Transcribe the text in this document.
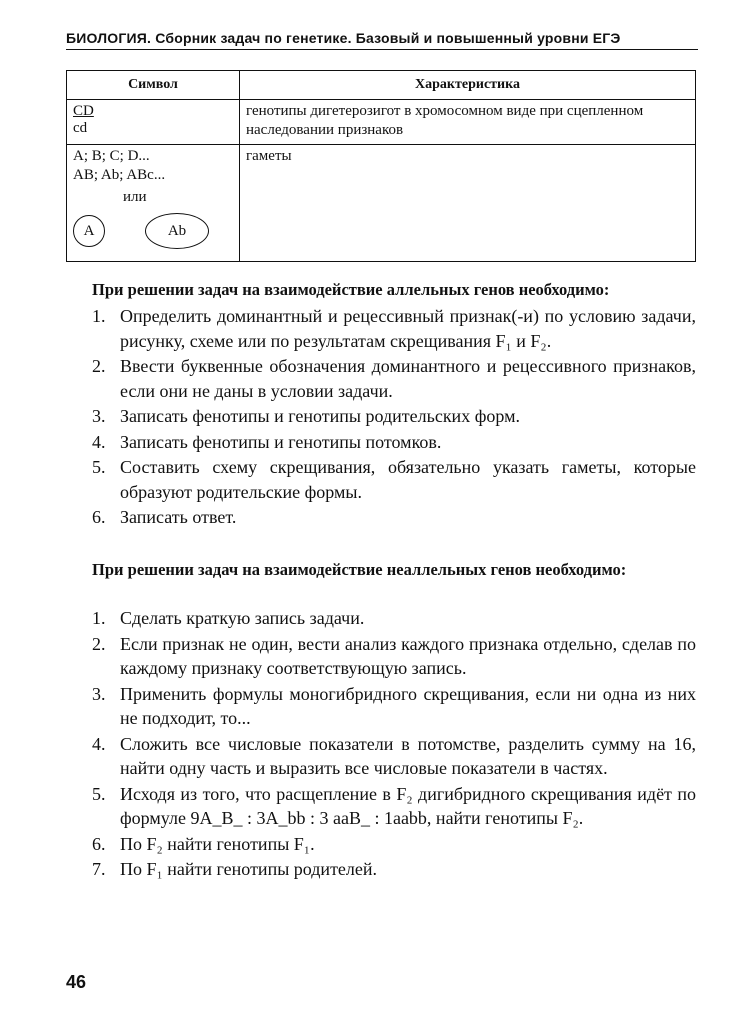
БИОЛОГИЯ. Сборник задач по генетике. Базовый и повышенный уровни ЕГЭ
Символ	Характеристика

CD
cd	генотипы дигетерозигот в хромосомном виде при сцепленном наследовании признаков

A; B; C; D...
AB; Ab; ABc...
или
A Ab	гаметы
При решении задач на взаимодействие аллельных генов необходимо:
1. Определить доминантный и рецессивный признак(-и) по условию задачи, рисунку, схеме или по результатам скрещивания F₁ и F₂.
2. Ввести буквенные обозначения доминантного и рецессивного признаков, если они не даны в условии задачи.
3. Записать фенотипы и генотипы родительских форм.
4. Записать фенотипы и генотипы потомков.
5. Составить схему скрещивания, обязательно указать гаметы, которые образуют родительские формы.
6. Записать ответ.
При решении задач на взаимодействие неаллельных генов необходимо:
1. Сделать краткую запись задачи.
2. Если признак не один, вести анализ каждого признака отдельно, сделав по каждому признаку соответствующую запись.
3. Применить формулы моногибридного скрещивания, если ни одна из них не подходит, то...
4. Сложить все числовые показатели в потомстве, разделить сумму на 16, найти одну часть и выразить все числовые показатели в частях.
5. Исходя из того, что расщепление в F₂ дигибридного скрещивания идёт по формуле 9A_B_ : 3A_bb : 3 aaB_ : 1aabb, найти генотипы F₂.
6. По F₂ найти генотипы F₁.
7. По F₁ найти генотипы родителей.
46
